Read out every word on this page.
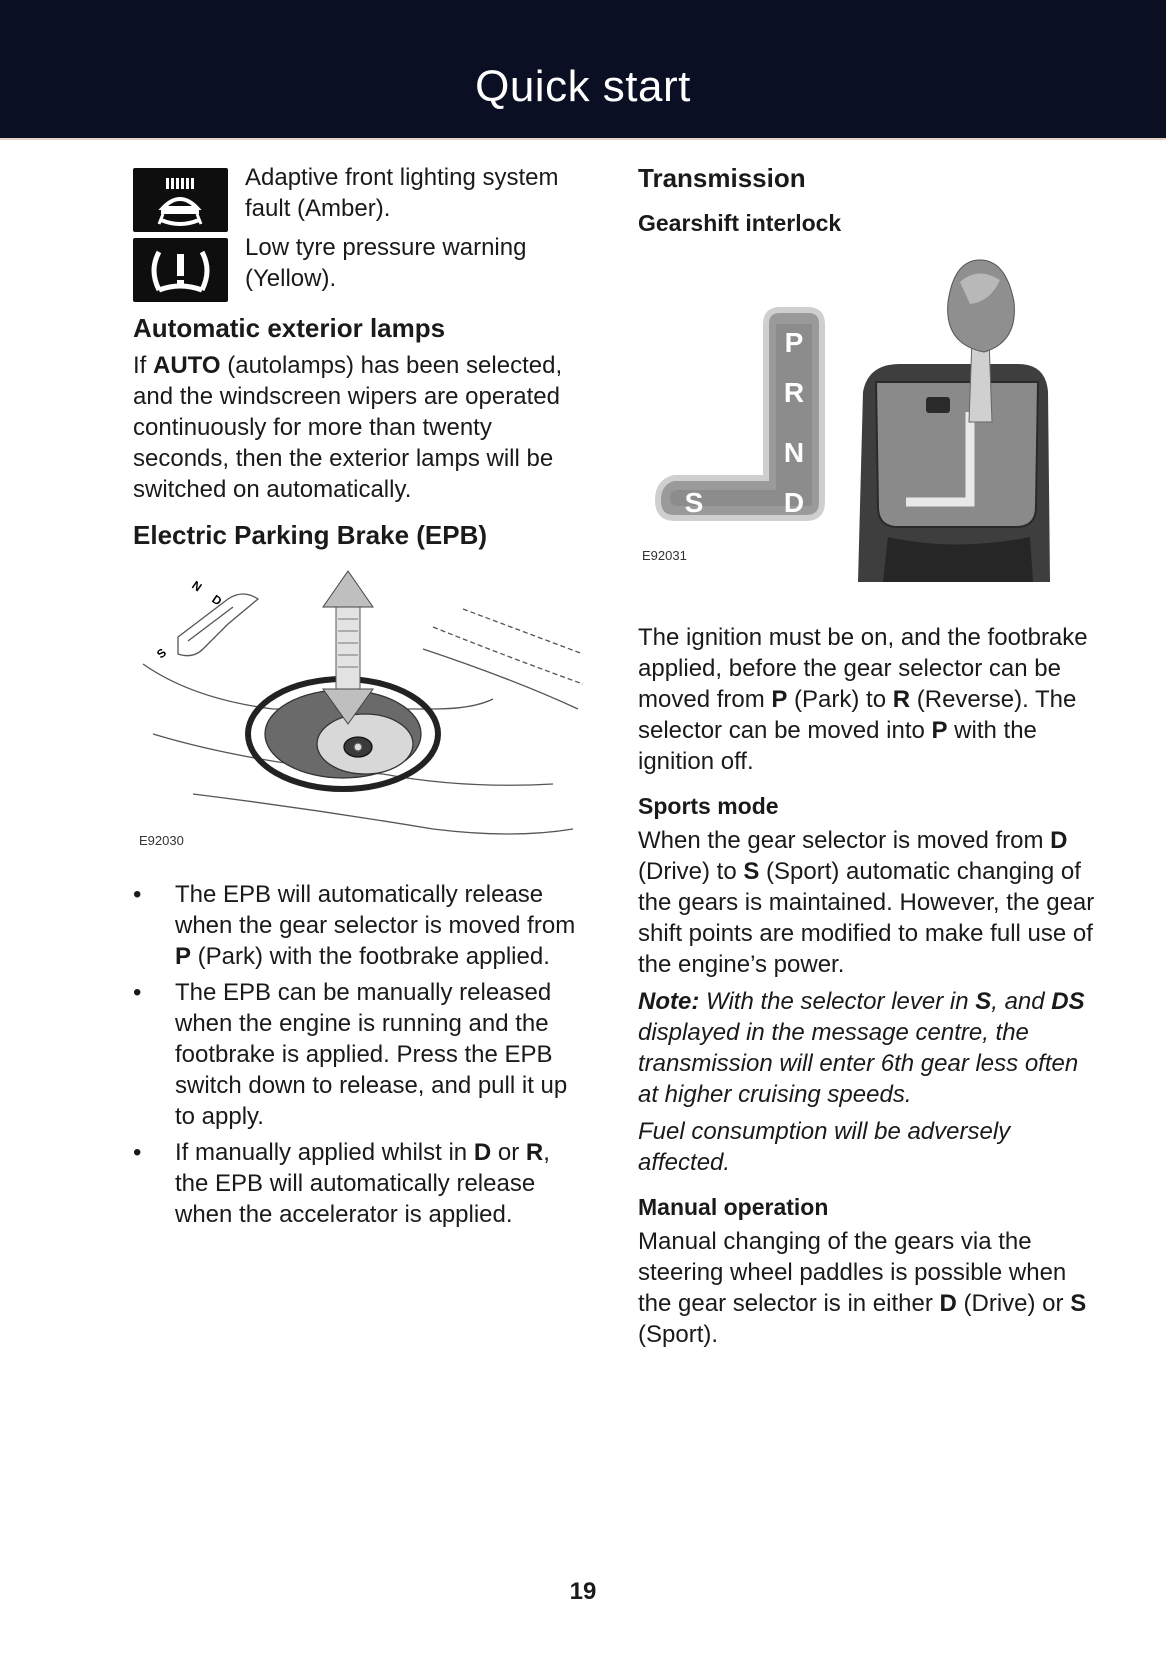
Quick start
Adaptive front lighting system fault (Amber).
Low tyre pressure warning (Yellow).
Automatic exterior lamps

If AUTO (autolamps) has been selected, and the windscreen wipers are operated continuously for more than twenty seconds, then the exterior lamps will be switched on automatically.

Electric Parking Brake (EPB)
N
D
S
E92030
• The EPB will automatically release when the gear selector is moved from P (Park) with the footbrake applied.
• The EPB can be manually released when the engine is running and the footbrake is applied. Press the EPB switch down to release, and pull it up to apply.
• If manually applied whilst in D or R, the EPB will automatically release when the accelerator is applied.
Transmission
Gearshift interlock
P
R
N
D
S
E92031

The ignition must be on, and the footbrake applied, before the gear selector can be moved from P (Park) to R (Reverse). The selector can be moved into P with the ignition off.

Sports mode

When the gear selector is moved from D (Drive) to S (Sport) automatic changing of the gears is maintained. However, the gear shift points are modified to make full use of the engine’s power.

Note: With the selector lever in S, and DS displayed in the message centre, the transmission will enter 6th gear less often at higher cruising speeds.

Fuel consumption will be adversely affected.

Manual operation

Manual changing of the gears via the steering wheel paddles is possible when the gear selector is in either D (Drive) or S (Sport).

19
